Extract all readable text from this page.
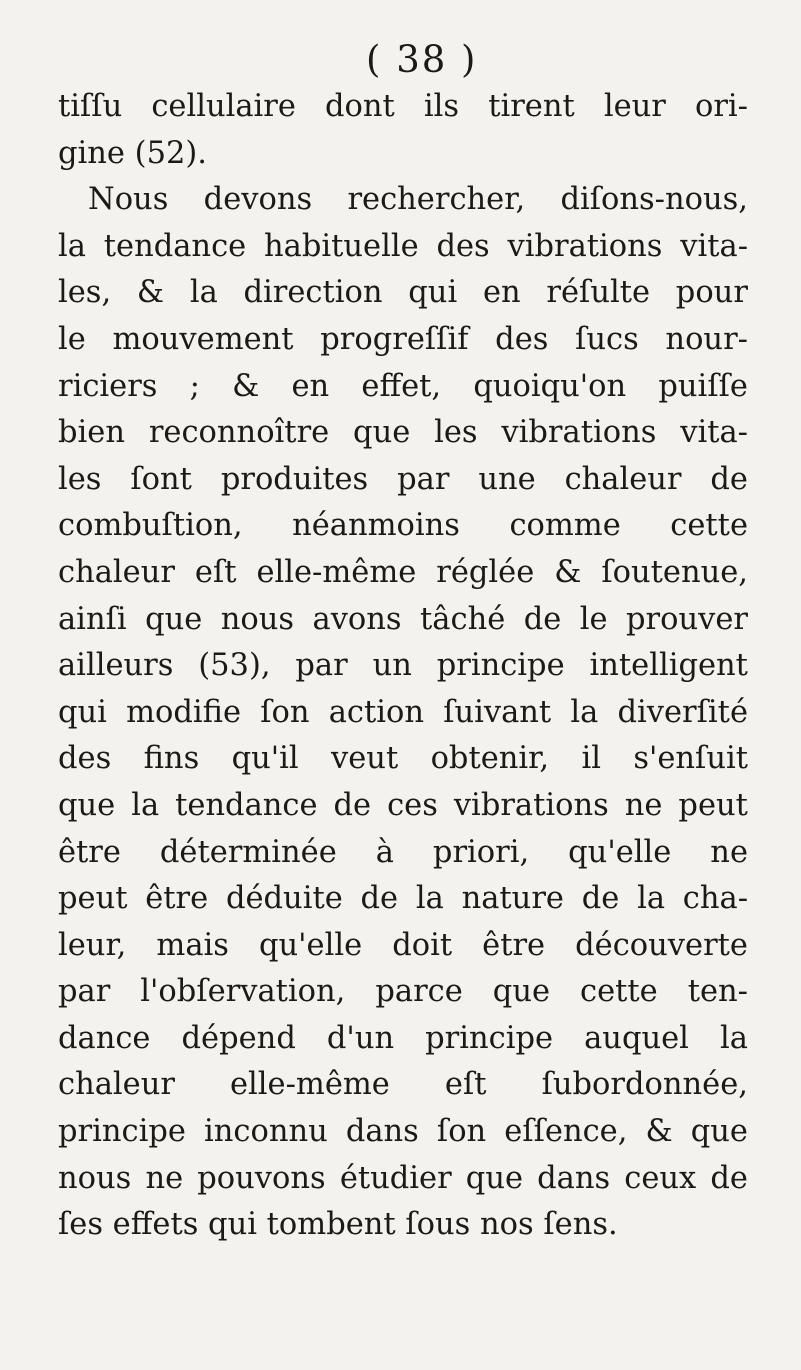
( 38 )
tiſſu cellulaire dont ils tirent leur ori-
gine (52).
Nous devons rechercher, diſons-nous,
la tendance habituelle des vibrations vita-
les, & la direction qui en réſulte pour
le mouvement progreſſif des ſucs nour-
riciers ; & en effet, quoiqu'on puiſſe
bien reconnoître que les vibrations vita-
les ſont produites par une chaleur de
combuſtion, néanmoins comme cette
chaleur eſt elle-même réglée & ſoutenue,
ainſi que nous avons tâché de le prouver
ailleurs (53), par un principe intelligent
qui modifie ſon action ſuivant la diverſité
des fins qu'il veut obtenir, il s'enſuit
que la tendance de ces vibrations ne peut
être déterminée à priori, qu'elle ne
peut être déduite de la nature de la cha-
leur, mais qu'elle doit être découverte
par l'obſervation, parce que cette ten-
dance dépend d'un principe auquel la
chaleur elle-même eſt ſubordonnée,
principe inconnu dans ſon eſſence, & que
nous ne pouvons étudier que dans ceux de
ſes effets qui tombent ſous nos ſens.
